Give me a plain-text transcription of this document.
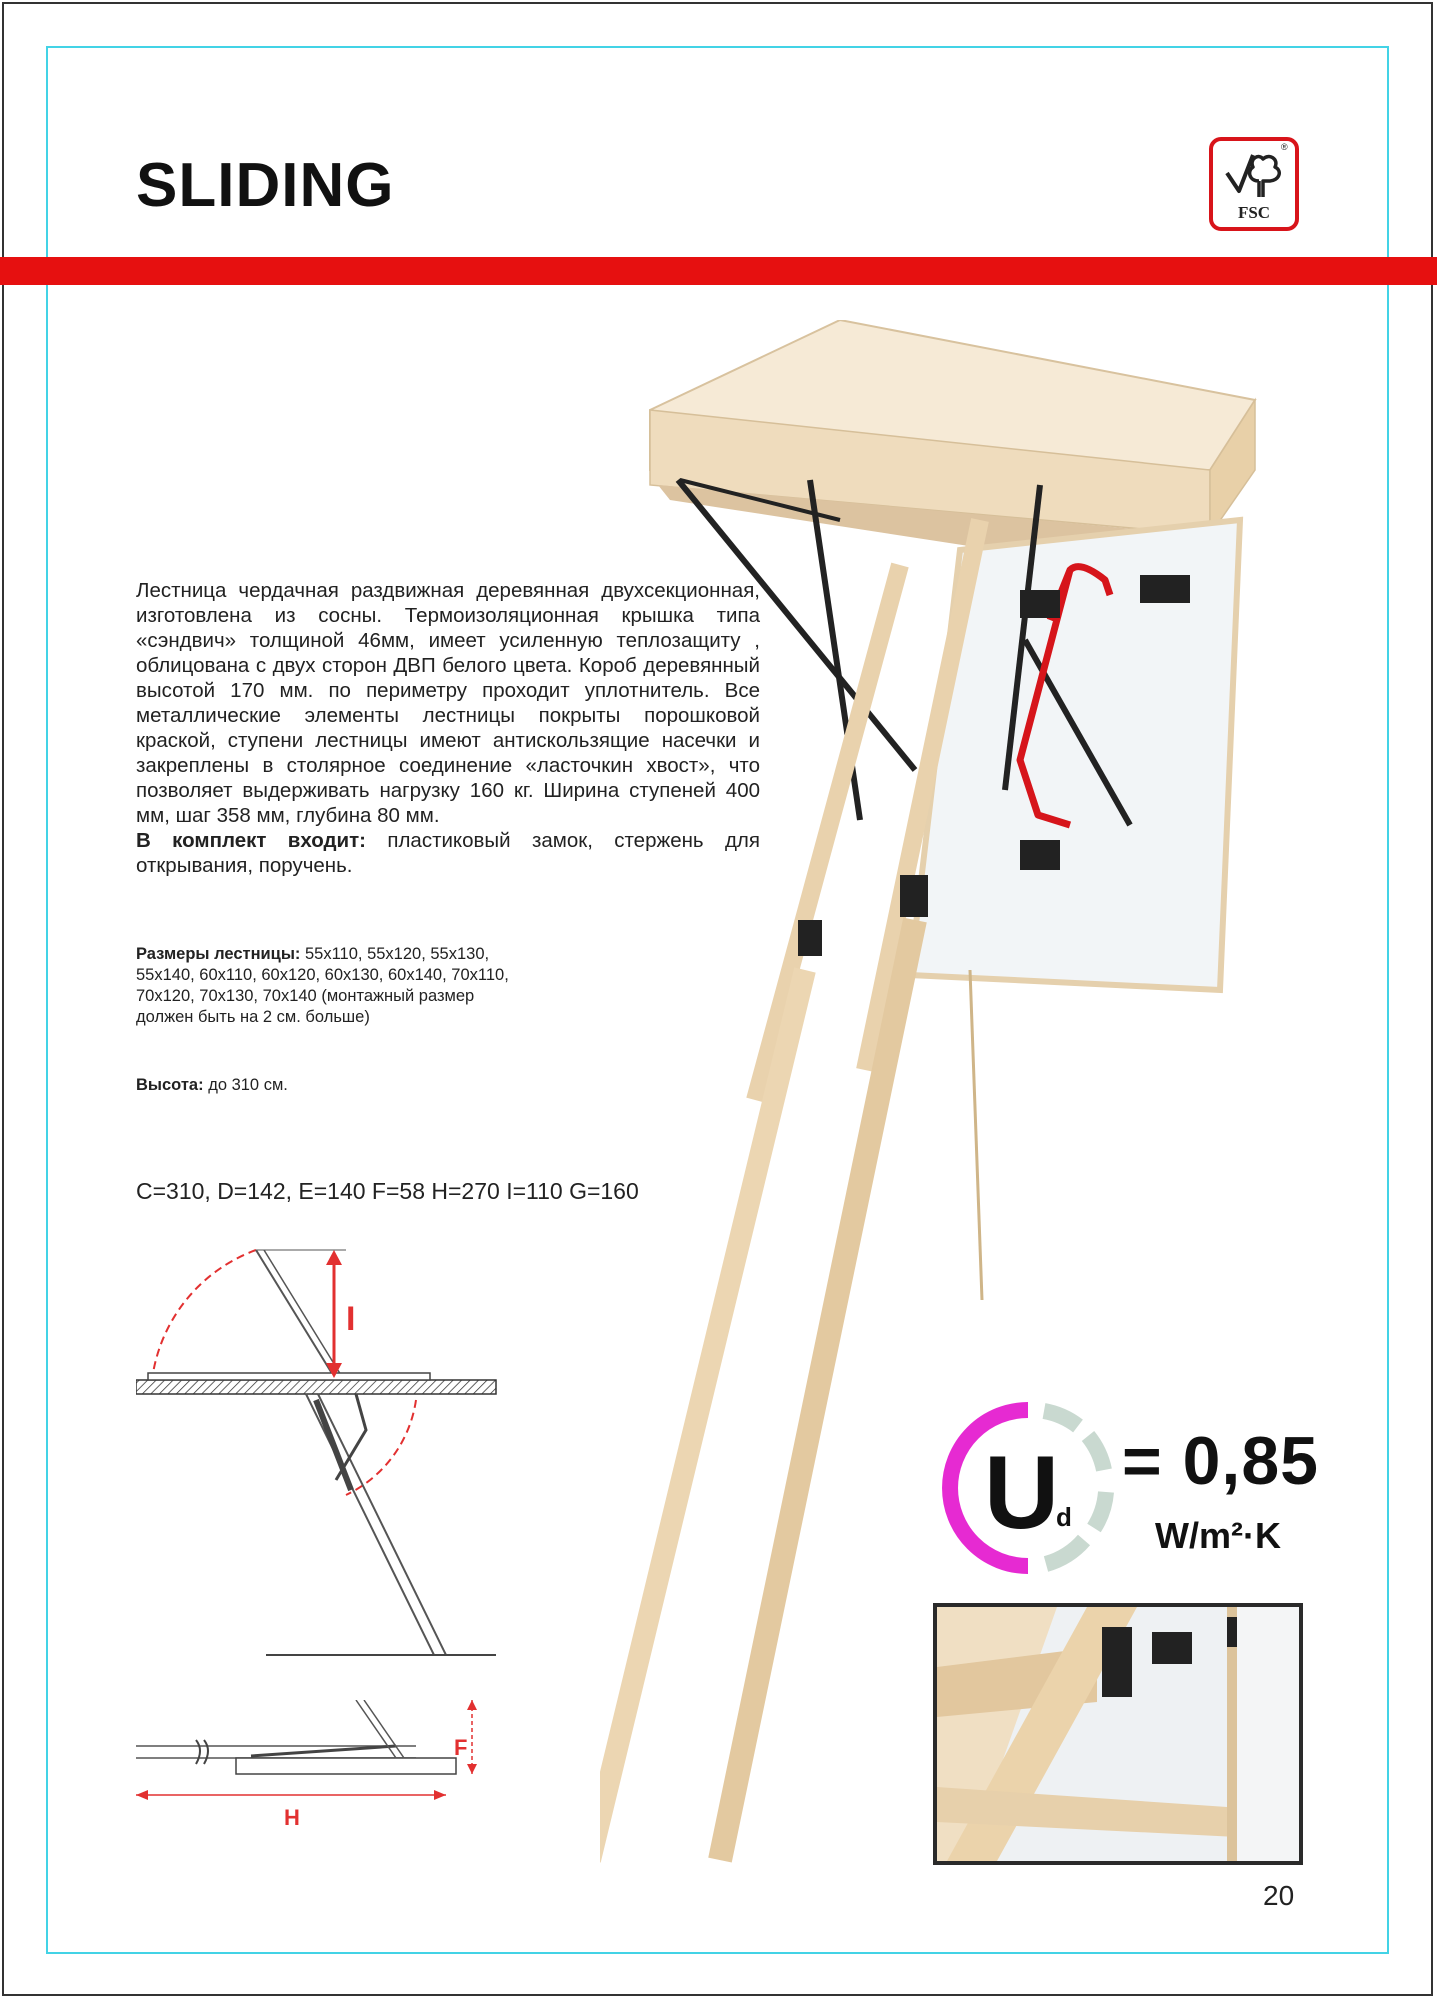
SLIDING
®
FSC

Лестница чердачная раздвижная деревянная двухсекционная, изготовлена из сосны. Термоизоляционная крышка типа «сэндвич» толщиной 46мм, имеет усиленную теплозащиту , облицована с двух сторон ДВП белого цвета. Короб деревянный высотой 170 мм. по периметру проходит уплотнитель. Все металлические элементы лестницы покрыты порошковой краской, ступени лестницы имеют антискользящие насечки и закреплены в столярное соединение «ласточкин хвост», что позволяет выдерживать нагрузку 160 кг. Ширина ступеней 400 мм, шаг 358 мм, глубина 80 мм.

В комплект входит: пластиковый замок, стержень для открывания, поручень.

Размеры лестницы: 55x110, 55x120, 55x130, 55x140, 60x110, 60x120, 60x130, 60x140, 70x110, 70x120, 70x130, 70x140 (монтажный размер должен быть на 2 см. больше)

Высота: до 310 см.
C=310, D=142, E=140 F=58 H=270 I=110 G=160
I
H
F
U
d
= 0,85
W/m²·K
20
